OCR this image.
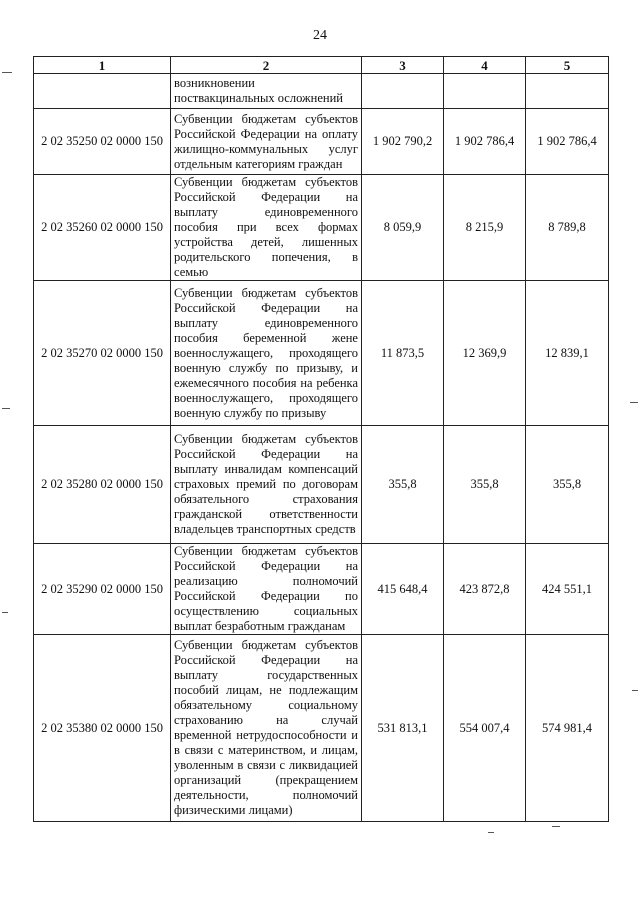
24
1	2	3	4	5
	возникновении поствакцинальных осложнений			
2 02 35250 02 0000 150	Субвенции бюджетам субъектов Российской Федерации на оплату жилищно-коммунальных услуг отдельным категориям граждан	1 902 790,2	1 902 786,4	1 902 786,4
2 02 35260 02 0000 150	Субвенции бюджетам субъектов Российской Федерации на выплату единовременного пособия при всех формах устройства детей, лишенных родительского попечения, в семью	8 059,9	8 215,9	8 789,8
2 02 35270 02 0000 150	Субвенции бюджетам субъектов Российской Федерации на выплату единовременного пособия беременной жене военнослужащего, проходящего военную службу по призыву, и ежемесячного пособия на ребенка военнослужащего, проходящего военную службу по призыву	11 873,5	12 369,9	12 839,1
2 02 35280 02 0000 150	Субвенции бюджетам субъектов Российской Федерации на выплату инвалидам компенсаций страховых премий по договорам обязательного страхования гражданской ответственности владельцев транспортных средств	355,8	355,8	355,8
2 02 35290 02 0000 150	Субвенции бюджетам субъектов Российской Федерации на реализацию полномочий Российской Федерации по осуществлению социальных выплат безработным гражданам	415 648,4	423 872,8	424 551,1
2 02 35380 02 0000 150	Субвенции бюджетам субъектов Российской Федерации на выплату государственных пособий лицам, не подлежащим обязательному социальному страхованию на случай временной нетрудоспособности и в связи с материнством, и лицам, уволенным в связи с ликвидацией организаций (прекращением деятельности, полномочий физическими лицами)	531 813,1	554 007,4	574 981,4
